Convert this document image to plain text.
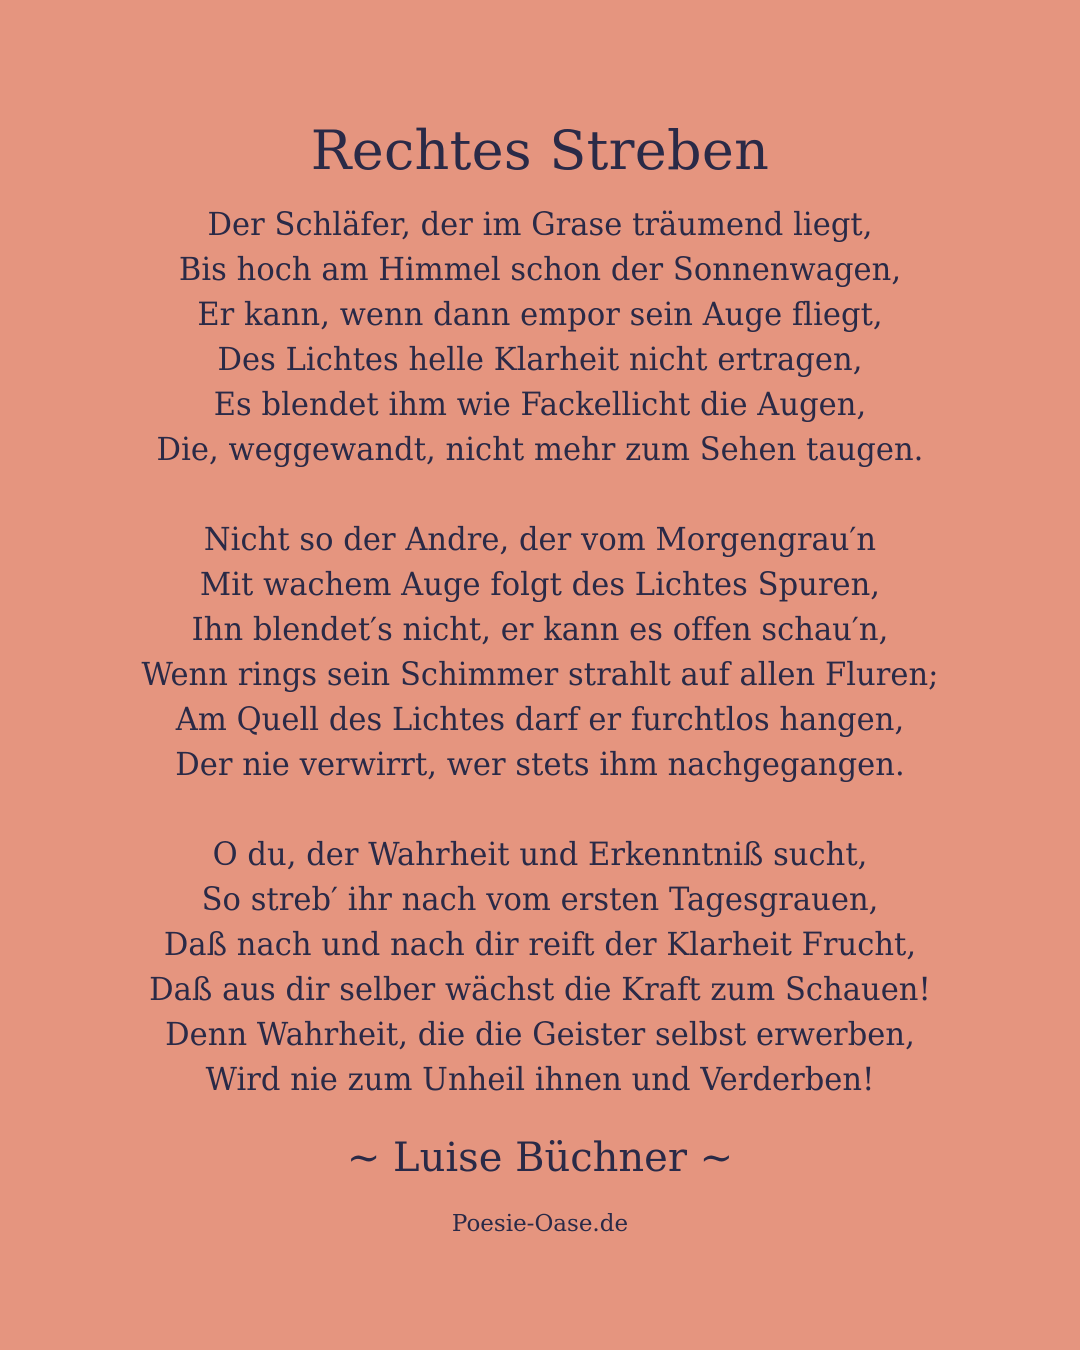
Rechtes Streben
Der Schläfer, der im Grase träumend liegt,
Bis hoch am Himmel schon der Sonnenwagen,
Er kann, wenn dann empor sein Auge fliegt,
Des Lichtes helle Klarheit nicht ertragen,
Es blendet ihm wie Fackellicht die Augen,
Die, weggewandt, nicht mehr zum Sehen taugen.
Nicht so der Andre, der vom Morgengrau′n
Mit wachem Auge folgt des Lichtes Spuren,
Ihn blendet′s nicht, er kann es offen schau′n,
Wenn rings sein Schimmer strahlt auf allen Fluren;
Am Quell des Lichtes darf er furchtlos hangen,
Der nie verwirrt, wer stets ihm nachgegangen.
O du, der Wahrheit und Erkenntniß sucht,
So streb′ ihr nach vom ersten Tagesgrauen,
Daß nach und nach dir reift der Klarheit Frucht,
Daß aus dir selber wächst die Kraft zum Schauen!
Denn Wahrheit, die die Geister selbst erwerben,
Wird nie zum Unheil ihnen und Verderben!

~ Luise Büchner ~

Poesie-Oase.de
